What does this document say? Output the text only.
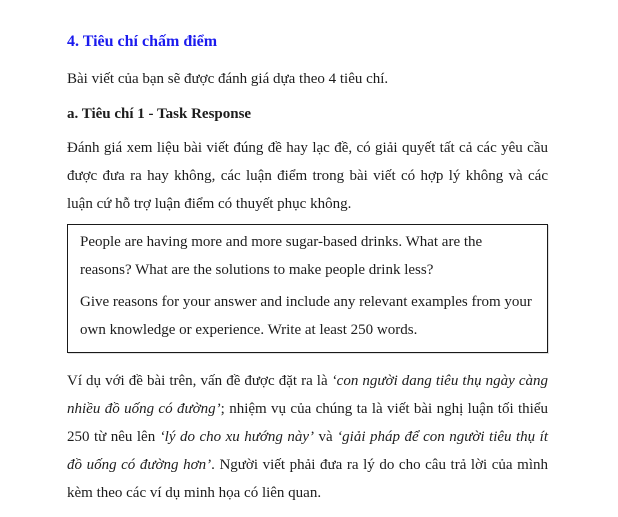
4. Tiêu chí chấm điểm

Bài viết của bạn sẽ được đánh giá dựa theo 4 tiêu chí.

a. Tiêu chí 1 - Task Response

Đánh giá xem liệu bài viết đúng đề hay lạc đề, có giải quyết tất cả các yêu cầu được đưa ra hay không, các luận điểm trong bài viết có hợp lý không và các luận cứ hỗ trợ luận điểm có thuyết phục không.

People are having more and more sugar-based drinks. What are the reasons? What are the solutions to make people drink less?

Give reasons for your answer and include any relevant examples from your own knowledge or experience. Write at least 250 words.

Ví dụ với đề bài trên, vấn đề được đặt ra là ‘con người dang tiêu thụ ngày càng nhiều đồ uống có đường’; nhiệm vụ của chúng ta là viết bài nghị luận tối thiểu 250 từ nêu lên ‘lý do cho xu hướng này’ và ‘giải pháp để con người tiêu thụ ít đồ uống có đường hơn’. Người viết phải đưa ra lý do cho câu trả lời của mình kèm theo các ví dụ minh họa có liên quan.
